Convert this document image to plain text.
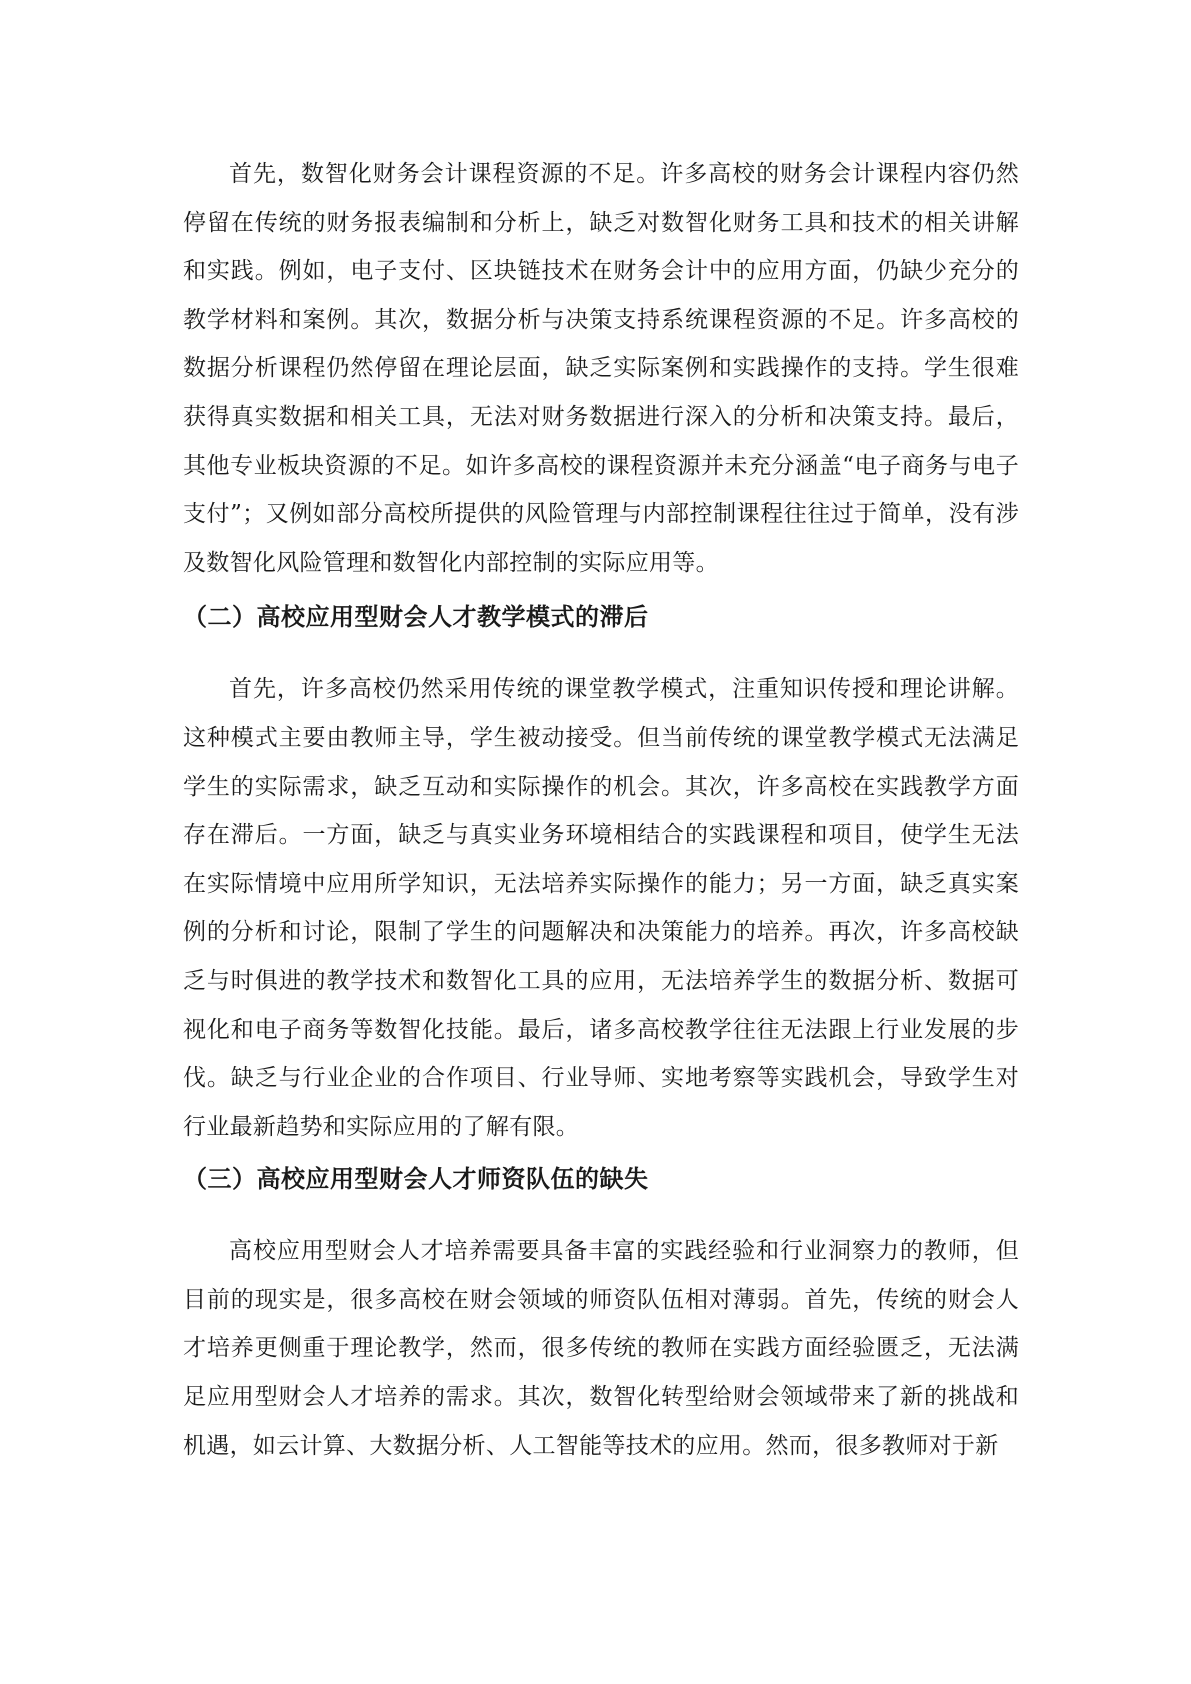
首先，数智化财务会计课程资源的不足。许多高校的财务会计课程内容仍然停留在传统的财务报表编制和分析上，缺乏对数智化财务工具和技术的相关讲解和实践。例如，电子支付、区块链技术在财务会计中的应用方面，仍缺少充分的教学材料和案例。其次，数据分析与决策支持系统课程资源的不足。许多高校的数据分析课程仍然停留在理论层面，缺乏实际案例和实践操作的支持。学生很难获得真实数据和相关工具，无法对财务数据进行深入的分析和决策支持。最后，其他专业板块资源的不足。如许多高校的课程资源并未充分涵盖“电子商务与电子支付”；又例如部分高校所提供的风险管理与内部控制课程往往过于简单，没有涉及数智化风险管理和数智化内部控制的实际应用等。

（二）高校应用型财会人才教学模式的滞后

首先，许多高校仍然采用传统的课堂教学模式，注重知识传授和理论讲解。这种模式主要由教师主导，学生被动接受。但当前传统的课堂教学模式无法满足学生的实际需求，缺乏互动和实际操作的机会。其次，许多高校在实践教学方面存在滞后。一方面，缺乏与真实业务环境相结合的实践课程和项目，使学生无法在实际情境中应用所学知识，无法培养实际操作的能力；另一方面，缺乏真实案例的分析和讨论，限制了学生的问题解决和决策能力的培养。再次，许多高校缺乏与时俱进的教学技术和数智化工具的应用，无法培养学生的数据分析、数据可视化和电子商务等数智化技能。最后，诸多高校教学往往无法跟上行业发展的步伐。缺乏与行业企业的合作项目、行业导师、实地考察等实践机会，导致学生对行业最新趋势和实际应用的了解有限。

（三）高校应用型财会人才师资队伍的缺失

高校应用型财会人才培养需要具备丰富的实践经验和行业洞察力的教师，但目前的现实是，很多高校在财会领域的师资队伍相对薄弱。首先，传统的财会人才培养更侧重于理论教学，然而，很多传统的教师在实践方面经验匮乏，无法满足应用型财会人才培养的需求。其次，数智化转型给财会领域带来了新的挑战和机遇，如云计算、大数据分析、人工智能等技术的应用。然而，很多教师对于新
